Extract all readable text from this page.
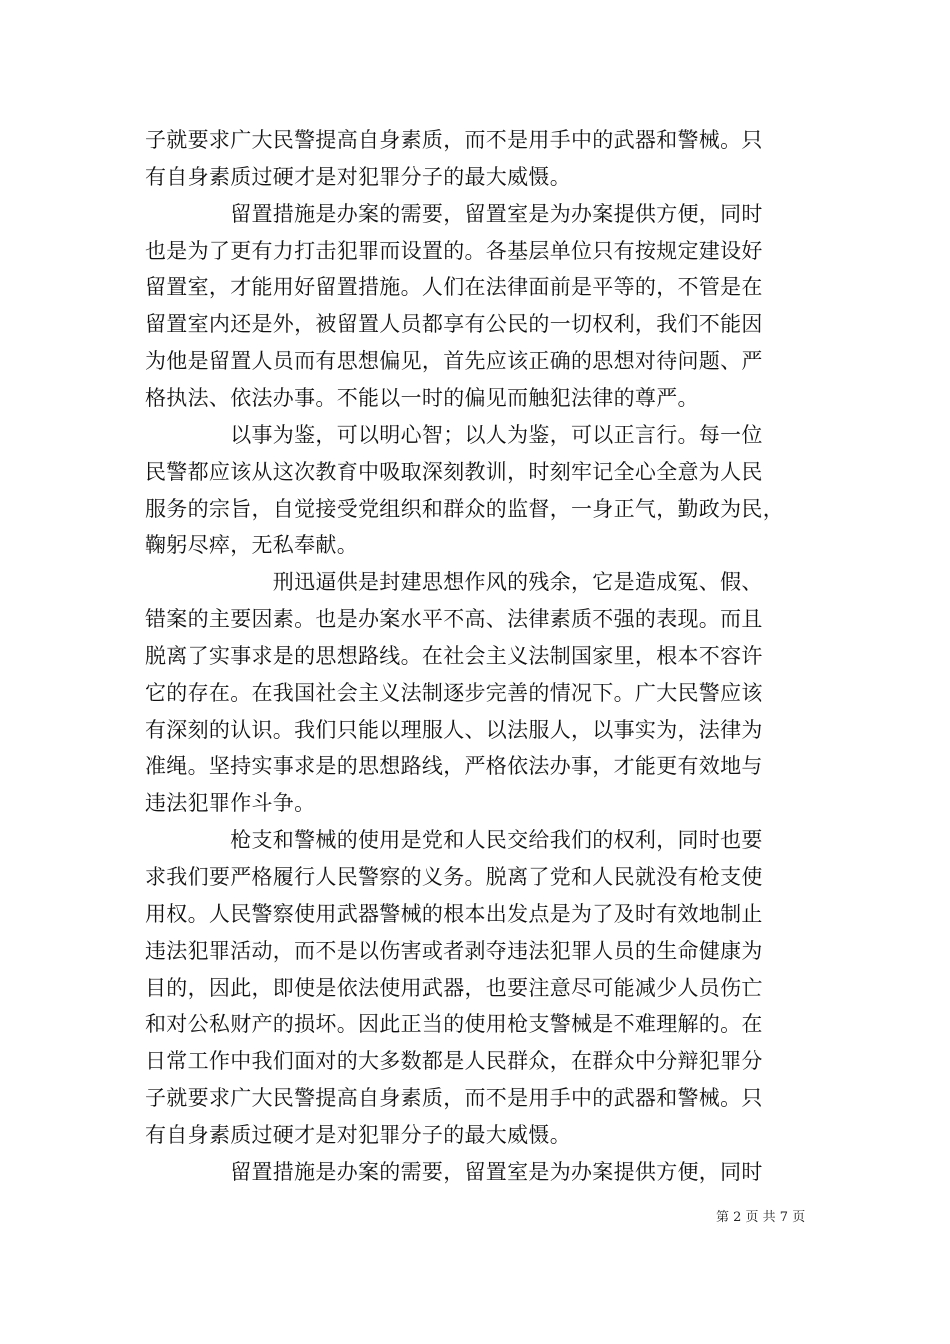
子就要求广大民警提高自身素质，而不是用手中的武器和警械。只
有自身素质过硬才是对犯罪分子的最大威慑。
　　　　留置措施是办案的需要，留置室是为办案提供方便，同时
也是为了更有力打击犯罪而设置的。各基层单位只有按规定建设好
留置室，才能用好留置措施。人们在法律面前是平等的，不管是在
留置室内还是外，被留置人员都享有公民的一切权利，我们不能因
为他是留置人员而有思想偏见，首先应该正确的思想对待问题、严
格执法、依法办事。不能以一时的偏见而触犯法律的尊严。
　　　　以事为鉴，可以明心智；以人为鉴，可以正言行。每一位
民警都应该从这次教育中吸取深刻教训，时刻牢记全心全意为人民
服务的宗旨，自觉接受党组织和群众的监督，一身正气，勤政为民，
鞠躬尽瘁，无私奉献。
　　　　　　刑迅逼供是封建思想作风的残余，它是造成冤、假、
错案的主要因素。也是办案水平不高、法律素质不强的表现。而且
脱离了实事求是的思想路线。在社会主义法制国家里，根本不容许
它的存在。在我国社会主义法制逐步完善的情况下。广大民警应该
有深刻的认识。我们只能以理服人、以法服人，以事实为，法律为
准绳。坚持实事求是的思想路线，严格依法办事，才能更有效地与
违法犯罪作斗争。
　　　　枪支和警械的使用是党和人民交给我们的权利，同时也要
求我们要严格履行人民警察的义务。脱离了党和人民就没有枪支使
用权。人民警察使用武器警械的根本出发点是为了及时有效地制止
违法犯罪活动，而不是以伤害或者剥夺违法犯罪人员的生命健康为
目的，因此，即使是依法使用武器，也要注意尽可能减少人员伤亡
和对公私财产的损坏。因此正当的使用枪支警械是不难理解的。在
日常工作中我们面对的大多数都是人民群众，在群众中分辩犯罪分
子就要求广大民警提高自身素质，而不是用手中的武器和警械。只
有自身素质过硬才是对犯罪分子的最大威慑。
　　　　留置措施是办案的需要，留置室是为办案提供方便，同时
第 2 页 共 7 页
